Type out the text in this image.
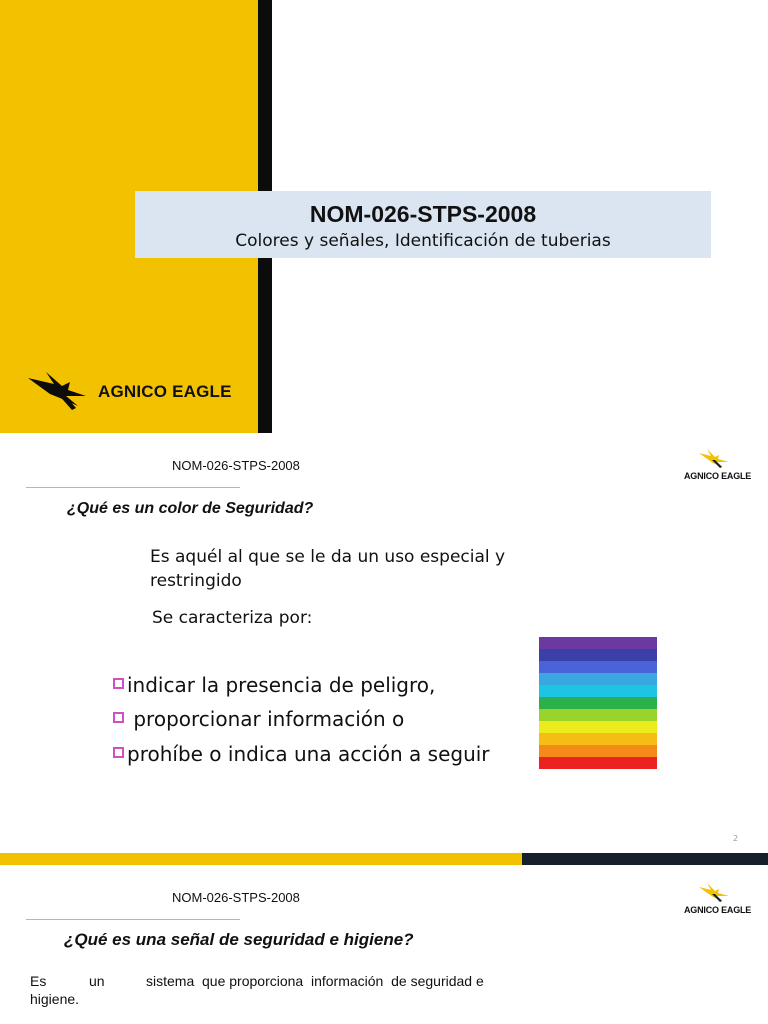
NOM-026-STPS-2008
Colores y señales, Identificación de tuberias
AGNICO EAGLE
NOM-026-STPS-2008
AGNICO EAGLE
¿Qué es un color de Seguridad?
Es aquél al que se le da un uso especial y restringido
Se caracteriza por:
indicar la presencia de peligro,
proporcionar información o
prohíbe o indica una acción a seguir
2
NOM-026-STPS-2008
AGNICO EAGLE
¿Qué es una señal de seguridad e higiene?
Es	un	sistema  que proporciona  información  de seguridad e
higiene.
